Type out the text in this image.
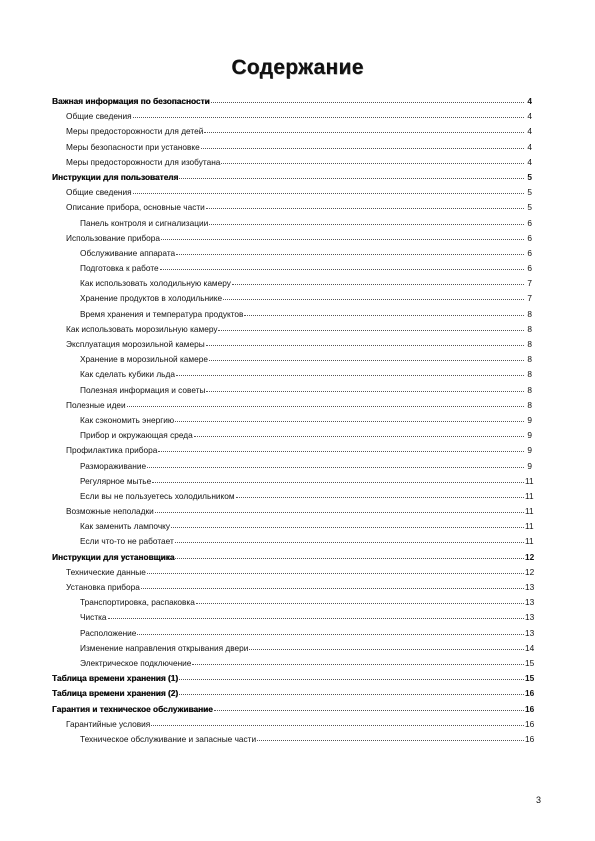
Содержание
Важная информация по безопасности	4
Общие сведения	4
Меры предосторожности для детей	4
Меры безопасности при установке	4
Меры предосторожности для изобутана	4
Инструкции для пользователя	5
Общие сведения	5
Описание прибора, основные части	5
Панель контроля и сигнализации	6
Использование прибора	6
Обслуживание аппарата	6
Подготовка к работе	6
Как использовать холодильную камеру	7
Хранение продуктов в холодильнике	7
Время хранения и температура продуктов	8
Как использовать морозильную камеру	8
Эксплуатация морозильной камеры	8
Хранение в морозильной камере	8
Как сделать кубики льда	8
Полезная информация и советы	8
Полезные идеи	8
Как сэкономить энергию	9
Прибор и окружающая среда	9
Профилактика прибора	9
Размораживание	9
Регулярное мытье	11
Если вы не пользуетесь холодильником	11
Возможные неполадки	11
Как заменить лампочку	11
Если что-то не работает	11
Инструкции для установщика	12
Технические данные	12
Установка прибора	13
Транспортировка, распаковка	13
Чистка	13
Расположение	13
Изменение направления открывания двери	14
Электрическое подключение	15
Таблица времени хранения (1)	15
Таблица времени хранения (2)	16
Гарантия и техническое обслуживание	16
Гарантийные условия	16
Техническое обслуживание и запасные части	16
3
